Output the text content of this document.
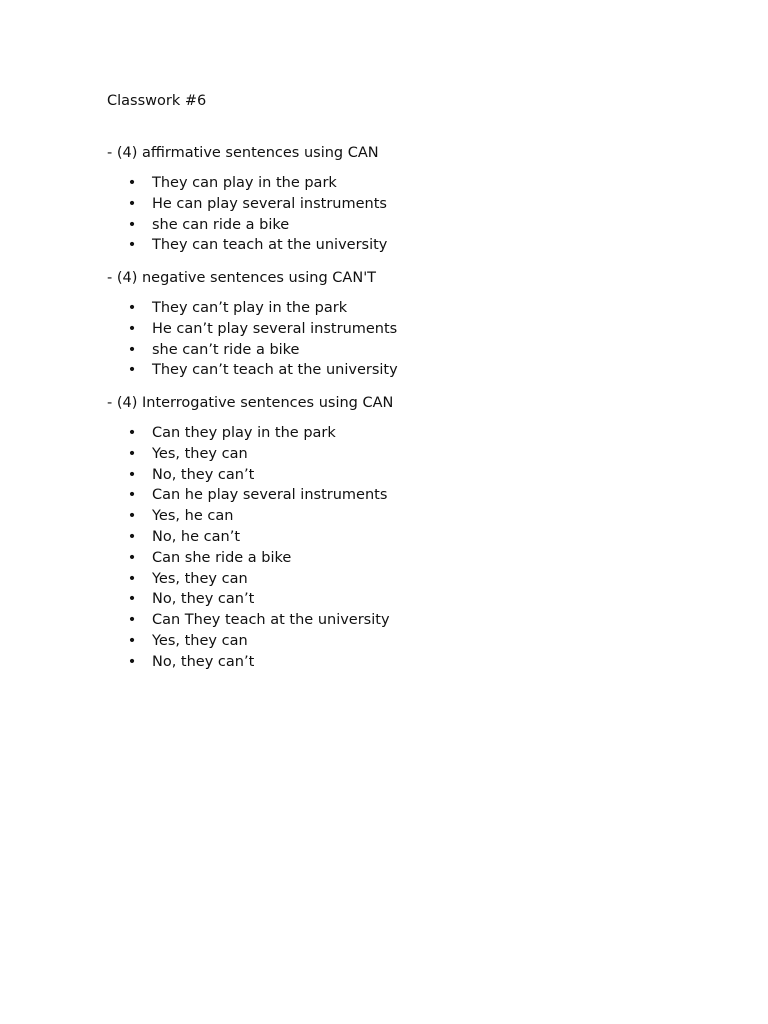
Classwork #6
- (4) affirmative sentences using CAN
• They can play in the park
• He can play several instruments
• she can ride a bike
• They can teach at the university
- (4) negative sentences using CAN'T
• They can’t play in the park
• He can’t play several instruments
• she can’t ride a bike
• They can’t teach at the university
- (4) Interrogative sentences using CAN
• Can they play in the park
• Yes, they can
• No, they can’t
• Can he play several instruments
• Yes, he can
• No, he can’t
• Can she ride a bike
• Yes, they can
• No, they can’t
• Can They teach at the university
• Yes, they can
• No, they can’t
